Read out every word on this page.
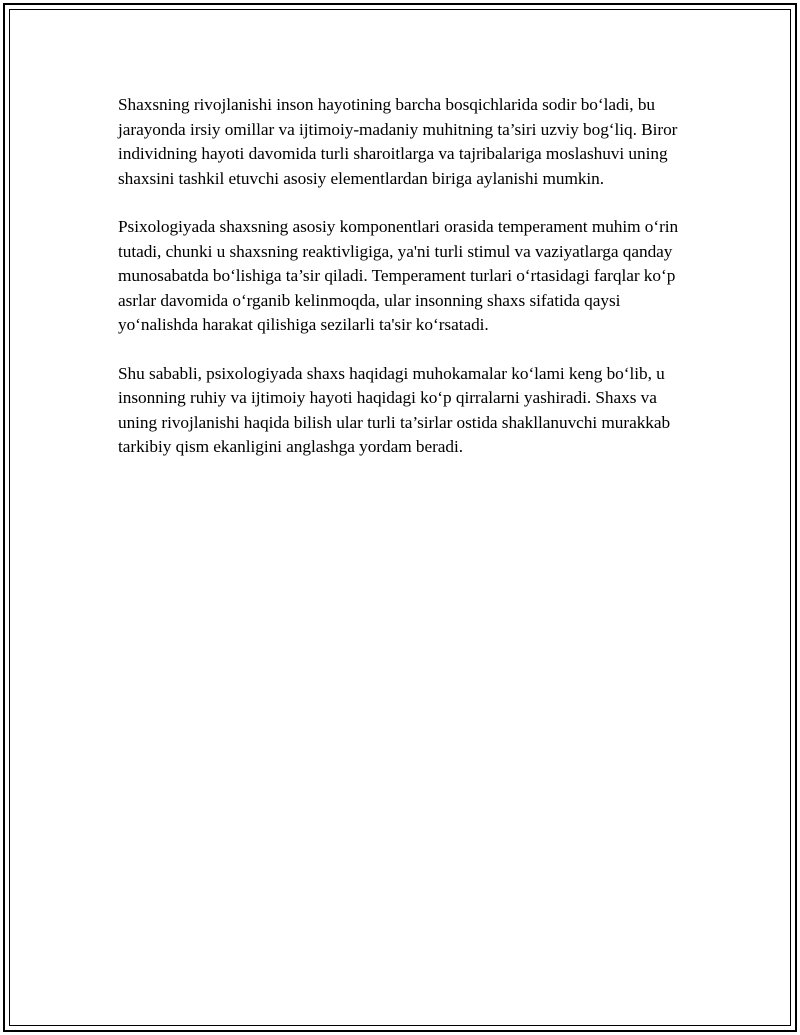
Shaxsning rivojlanishi inson hayotining barcha bosqichlarida sodir bo‘ladi, bu jarayonda irsiy omillar va ijtimoiy-madaniy muhitning ta’siri uzviy bog‘liq. Biror individning hayoti davomida turli sharoitlarga va tajribalariga moslashuvi uning shaxsini tashkil etuvchi asosiy elementlardan biriga aylanishi mumkin.

Psixologiyada shaxsning asosiy komponentlari orasida temperament muhim o‘rin tutadi, chunki u shaxsning reaktivligiga, ya'ni turli stimul va vaziyatlarga qanday munosabatda bo‘lishiga ta’sir qiladi. Temperament turlari o‘rtasidagi farqlar ko‘p asrlar davomida o‘rganib kelinmoqda, ular insonning shaxs sifatida qaysi yo‘nalishda harakat qilishiga sezilarli ta'sir ko‘rsatadi.

Shu sababli, psixologiyada shaxs haqidagi muhokamalar ko‘lami keng bo‘lib, u insonning ruhiy va ijtimoiy hayoti haqidagi ko‘p qirralarni yashiradi. Shaxs va uning rivojlanishi haqida bilish ular turli ta’sirlar ostida shakllanuvchi murakkab tarkibiy qism ekanligini anglashga yordam beradi.
